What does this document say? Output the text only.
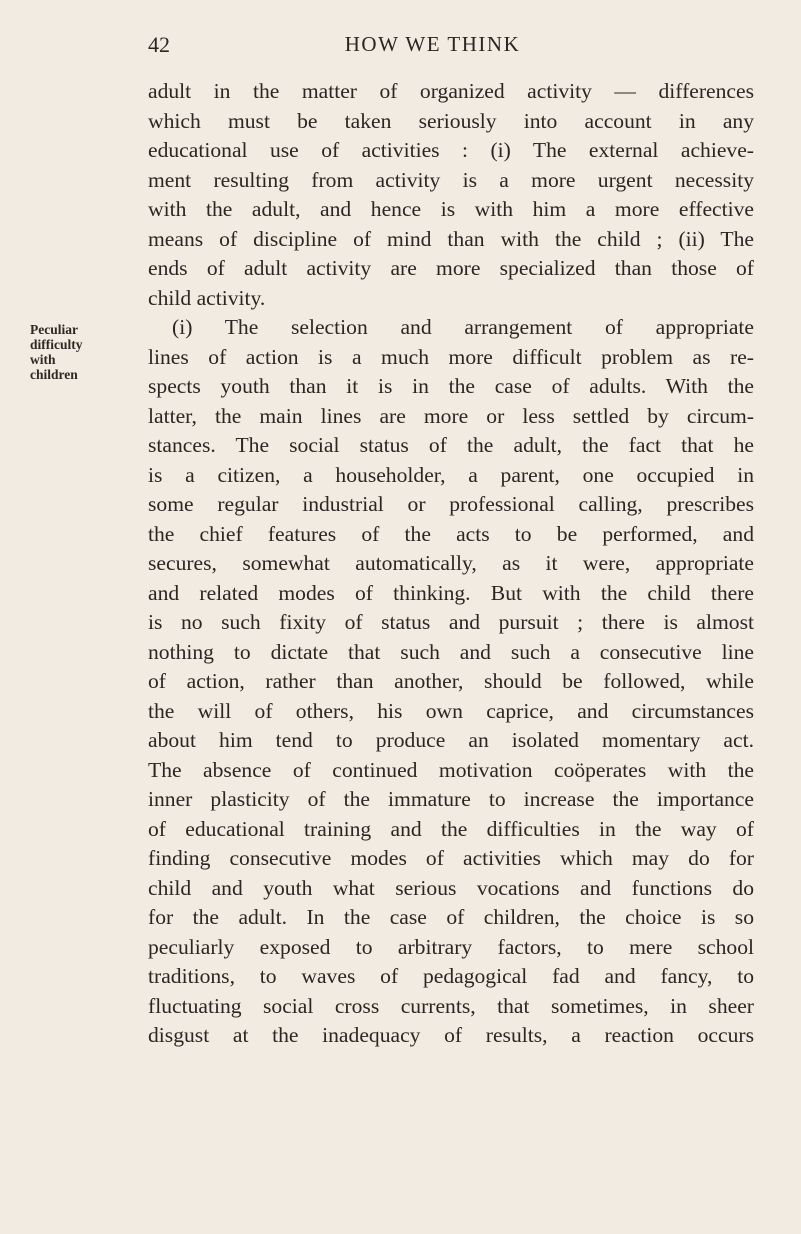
42	HOW WE THINK
Peculiar
difficulty
with
children
adult in the matter of organized activity — differences
which must be taken seriously into account in any
educational use of activities : (i) The external achieve-
ment resulting from activity is a more urgent necessity
with the adult, and hence is with him a more effective
means of discipline of mind than with the child ; (ii) The
ends of adult activity are more specialized than those of
child activity.
(i) The selection and arrangement of appropriate
lines of action is a much more difficult problem as re-
spects youth than it is in the case of adults. With the
latter, the main lines are more or less settled by circum-
stances. The social status of the adult, the fact that he
is a citizen, a householder, a parent, one occupied in
some regular industrial or professional calling, prescribes
the chief features of the acts to be performed, and
secures, somewhat automatically, as it were, appropriate
and related modes of thinking. But with the child there
is no such fixity of status and pursuit ; there is almost
nothing to dictate that such and such a consecutive line
of action, rather than another, should be followed, while
the will of others, his own caprice, and circumstances
about him tend to produce an isolated momentary act.
The absence of continued motivation coöperates with the
inner plasticity of the immature to increase the importance
of educational training and the difficulties in the way of
finding consecutive modes of activities which may do for
child and youth what serious vocations and functions do
for the adult. In the case of children, the choice is so
peculiarly exposed to arbitrary factors, to mere school
traditions, to waves of pedagogical fad and fancy, to
fluctuating social cross currents, that sometimes, in sheer
disgust at the inadequacy of results, a reaction occurs
